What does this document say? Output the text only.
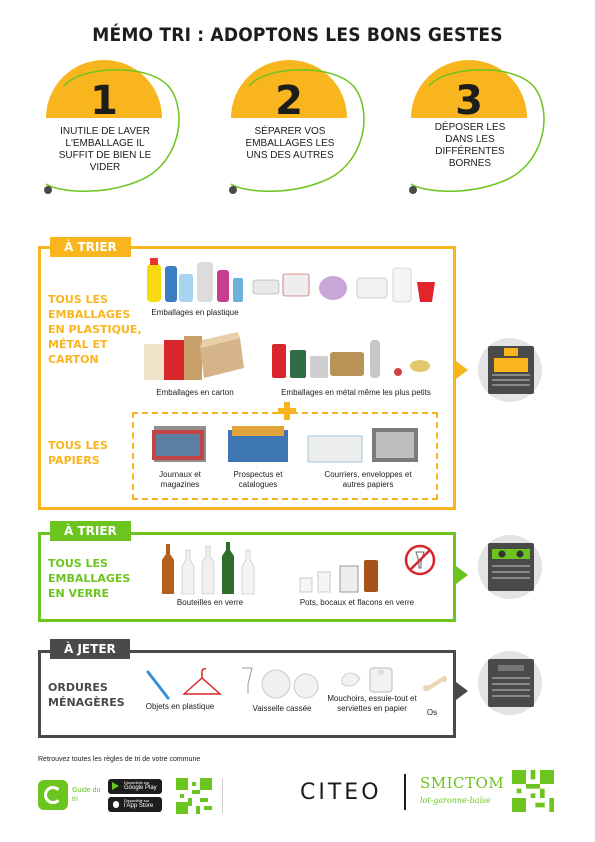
MÉMO TRI : ADOPTONS LES BONS GESTES
1
INUTILE DE LAVER L'EMBALLAGE IL SUFFIT DE BIEN LE VIDER
2
SÉPARER VOS EMBALLAGES LES UNS DES AUTRES
3
DÉPOSER LES DANS LES DIFFÉRENTES BORNES
À TRIER
TOUS LES EMBALLAGES EN PLASTIQUE, MÉTAL ET CARTON
TOUS LES PAPIERS
Emballages en plastique
Emballages en carton	Emballages en métal même les plus petits
Journaux et magazines
Prospectus et catalogues
Courriers, enveloppes et autres papiers
À TRIER
TOUS LES EMBALLAGES EN VERRE
Bouteilles en verre	Pots, bocaux et flacons en verre
À JETER
ORDURES MÉNAGÈRES	Objets en plastique	Vaisselle cassée
Mouchoirs, essuie-tout et serviettes en papier	Os
Retrouvez toutes les règles de tri de votre commune
Guide du tri
Disponible sur
Google Play
Disponible sur
l'App Store
CITEO	SMICTOM
lot-garonne-baïse
